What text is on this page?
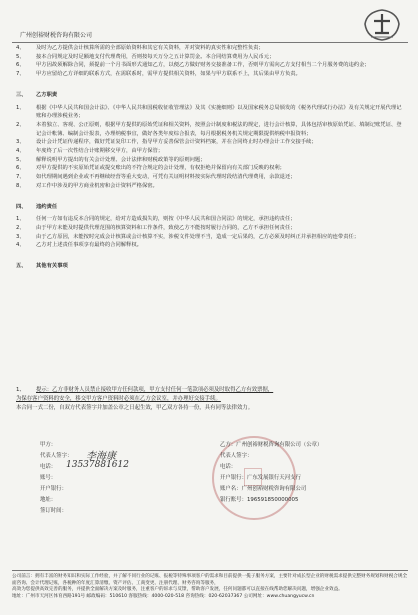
广州创裕财税咨询有限公司
4、 及时为乙方提供会计核算所需的全部原始资料和其它有关资料，并对资料的真实性和完整性负责；
5、 接本合同规定及时足额地支付代理费用，否则按每天万分之五计算罚金。本合同结算费用为人民币元；
6、 甲方因故须解除合同，须提前一个月书面形式通知乙方，以便乙方做好财务交接准备工作，否则甲方需向乙方支付相当二个月服务费的违约金；
7、 甲方应留给乙方详细的联系方式，在需联系时，需甲方提供相关资料，如果与甲方联系不上，其后果由甲方负责。
三、 乙方职责
1、 根据《中华人民共和国会计法》、《中华人民共和国税收征收管理法》及其《实施细则》以及国家税务总局颁发的《税务代理试行办法》及有关规定开展代理记账和办理涉税业务；
2、 本着独立、客观、公正原则，根据甲方提供的原始凭证和相关资料，按照会计制度和税法的规定，进行会计核算，具体包括审核原始凭证、填制记账凭证、登记会计帐簿、编制会计报表，办理纳税事宜，做好各类年度综合报表，每月根据税务机关规定期限提供纳税申报资料；
3、 设计会计凭证传递程序，做好凭证复印工作，指导甲方妥善保管会计资料档案，并在合同终止时办理会计工作交接手续；
4、 年度终了后一次性结合计账期移交甲方，由甲方保管；
5、 解释说明甲方提出的有关会计处理、会计法律和财税政策等的原则问题；
6、 对甲方提供的不实原始凭证或提交账出的不符合规定的会计处理，有权拒绝并保留向有关部门反映的权利；
7、 如代理期间遇到企业或不再继续经营等重大变动，可凭有关证明材料按实际代理时段结清代理费用，余款退还；
8、 对工作中涉及的甲方商业机密和会计资料严格保密。
四、 违约责任
1、 任何一方如有违反本合同的规定，给对方造成损失的，则按《中华人民共和国合同法》的规定，承担违约责任；
2、 由于甲方未能及时提供代理范围的核算资料和工作条件，致使乙方不能按时履行合同的，乙方不承担任何责任；
3、 由于乙方原因，未能按时完成会计核算或会计核算不实，涉税文件处理不当，造成一定后果的，乙方必须及时纠正并承担相应的连带责任；
4、 乙方对上述责任事项享有最终的合同解释权。
五、 其他有关事项
1、 提示：乙方非财务人员禁止接收甲方任何款项，甲方支付任何一笔款项必须及时取得乙方有效票据，
为保存客户资料的安全，移交甲方客户资料时必须在乙方会议室，并办理好交接手续。
本合同一式二份，自双方代表签字并加盖公章之日起生效，甲乙双方各持一份，具有同等法律效力。
甲方：
代表人签字： 李海康
电话： 13537881612
账号：
开户银行：
地址：
签订时间：
乙方：广州创裕财税咨询有限公司（公章）
代表人签字：
电话：
开户银行：广东发展银行天河支行
账户名：广州创裕财税咨询有限公司
银行账号：196591850000005
公司前言：拥有丰富的财务知识和实际工作经验，并了解不同行业的记账、报税等特殊事项客户的需求和目前提供一揽子服务方案，主要针对成长型企业的财税需求提供完整财务规划和财税合规全面咨询、会计代理记账，各税种的年度汇算清缴、资产评估、工商变更、注册代理、财务咨询等服务，
高效为您提供高效完善的服务，并提供全面解决方案及时服务，注重客户的诉求与反馈，帮助客户发展，任何问题都可以直接在线帮助您解决问题，增强企业效益。
地址：广州市天河区体育西路191号 邮政编码：510610 客服热线：4000-020-518 咨询热线：020-62037367 公司网址：www.chuangyucw.cn
